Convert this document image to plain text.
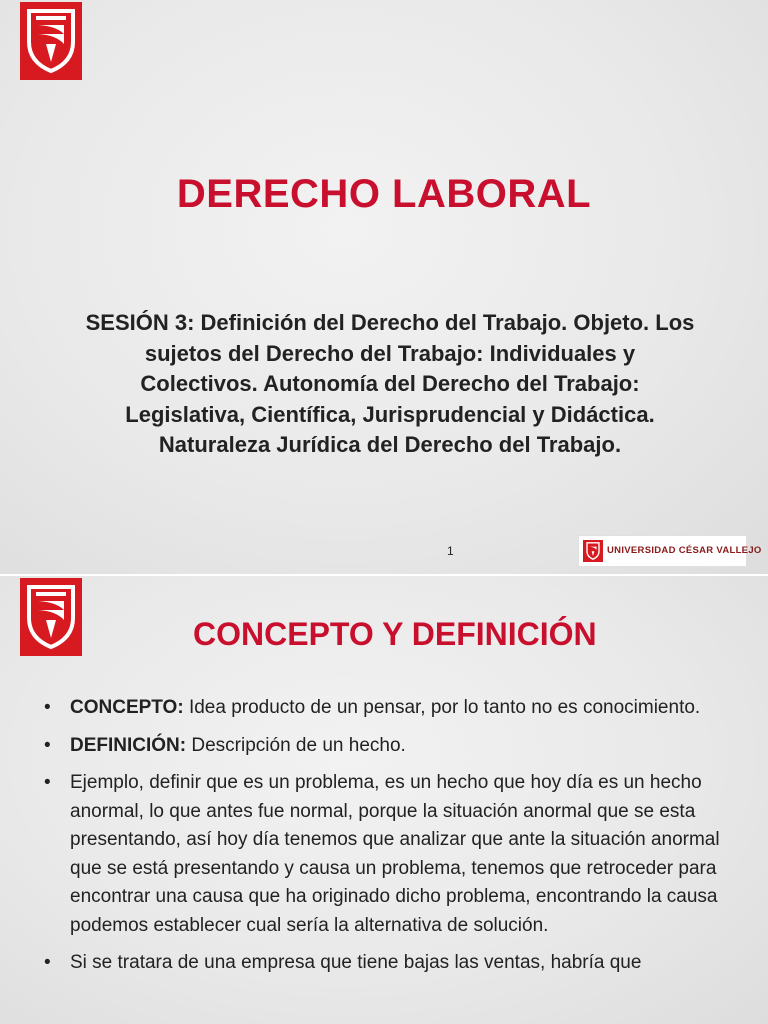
DERECHO LABORAL
SESIÓN 3: Definición del Derecho del Trabajo. Objeto. Los sujetos del Derecho del Trabajo: Individuales y Colectivos. Autonomía del Derecho del Trabajo: Legislativa, Científica, Jurisprudencial y Didáctica. Naturaleza Jurídica del Derecho del Trabajo.
1	UNIVERSIDAD CÉSAR VALLEJO
CONCEPTO Y DEFINICIÓN
• CONCEPTO: Idea producto de un pensar, por lo tanto no es conocimiento.
• DEFINICIÓN: Descripción de un hecho.
• Ejemplo, definir que es un problema, es un hecho que hoy día es un hecho anormal, lo que antes fue normal, porque la situación anormal que se esta presentando, así hoy día tenemos que analizar que ante la situación anormal que se está presentando y causa un problema, tenemos que retroceder para encontrar una causa que ha originado dicho problema, encontrando la causa podemos establecer cual sería la alternativa de solución.
• Si se tratara de una empresa que tiene bajas las ventas, habría que
